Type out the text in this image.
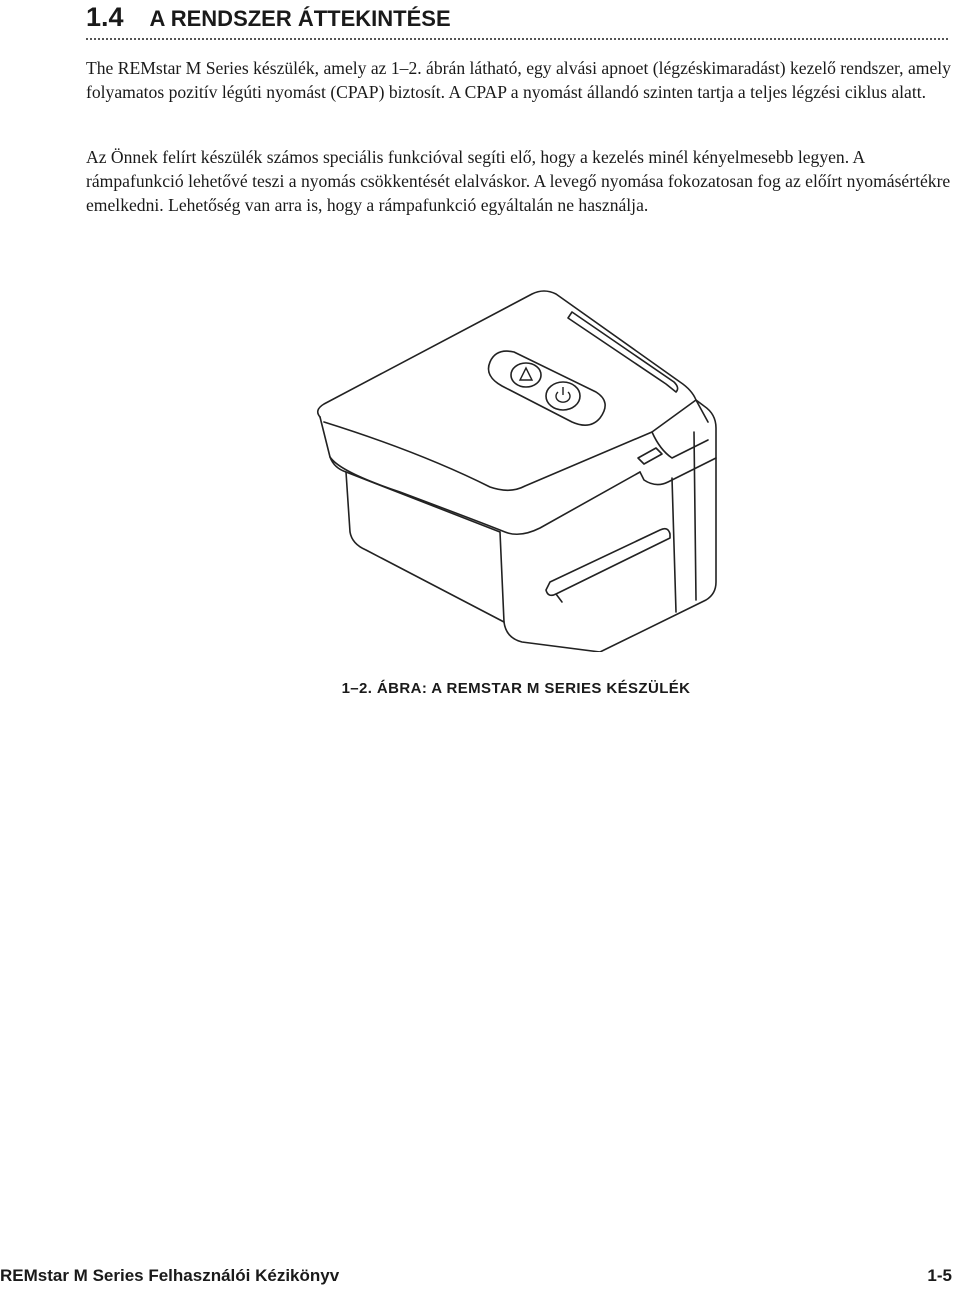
1.4 A RENDSZER ÁTTEKINTÉSE

The REMstar M Series készülék, amely az 1–2. ábrán látható, egy alvási apnoet (légzéskimaradást) kezelő rendszer, amely folyamatos pozitív légúti nyomást (CPAP) biztosít. A CPAP a nyomást állandó szinten tartja a teljes légzési ciklus alatt.

Az Önnek felírt készülék számos speciális funkcióval segíti elő, hogy a kezelés minél kényelmesebb legyen. A rámpafunkció lehetővé teszi a nyomás csökkentését elalváskor. A levegő nyomása fokozatosan fog az előírt nyomásértékre emelkedni. Lehetőség van arra is, hogy a rámpafunkció egyáltalán ne használja.

1–2. ÁBRA: A REMSTAR M SERIES KÉSZÜLÉK
REMstar M Series Felhasználói Kézikönyv	1-5
